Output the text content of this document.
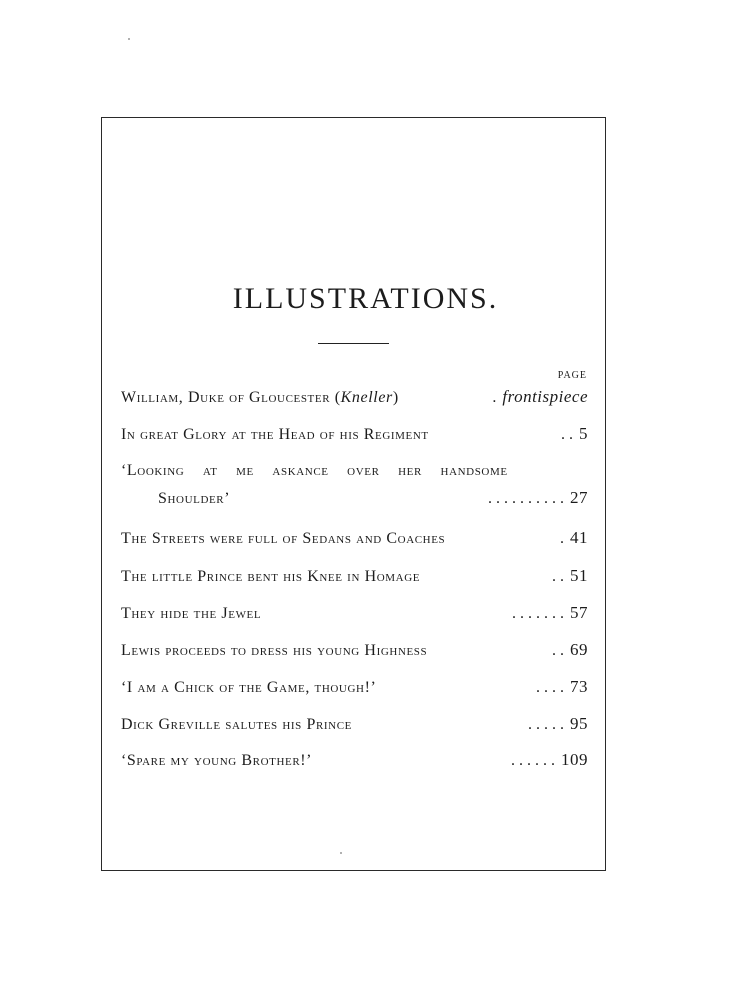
ILLUSTRATIONS.
PAGE
William, Duke of Gloucester (Kneller)	. frontispiece
In great Glory at the Head of his Regiment	. . 5
‘Looking at me askance over her handsome
Shoulder’	. . . . . . . . . . 27
The Streets were full of Sedans and Coaches	. 41
The little Prince bent his Knee in Homage	. . 51
They hide the Jewel	. . . . . . . 57
Lewis proceeds to dress his young Highness	. . 69
‘I am a Chick of the Game, though!’	. . . . 73
Dick Greville salutes his Prince	. . . . . 95
‘Spare my young Brother!’	. . . . . . 109
